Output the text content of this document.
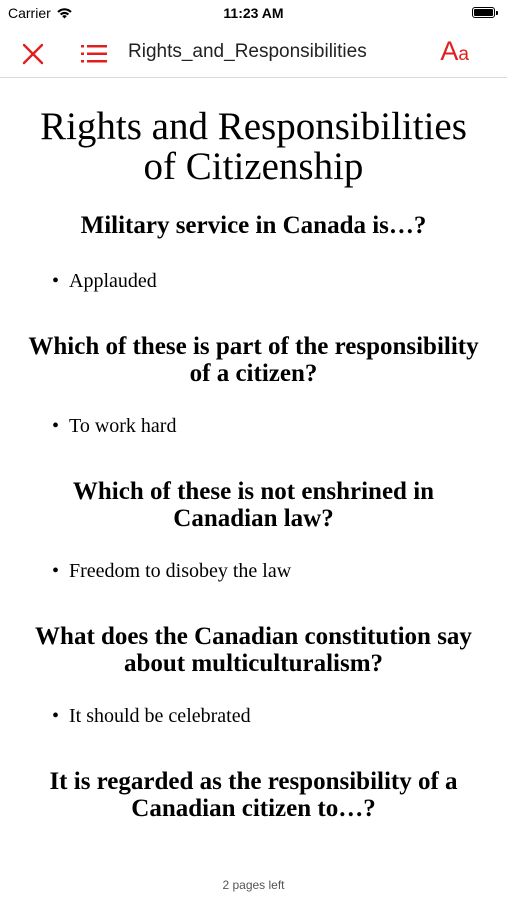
Carrier	11:23 AM
Rights_and_Responsibilities	Aa
Rights and Responsibilities of Citizenship
Military service in Canada is…?
• Applauded
Which of these is part of the responsibility of a citizen?
• To work hard
Which of these is not enshrined in Canadian law?
• Freedom to disobey the law
What does the Canadian constitution say about multiculturalism?
• It should be celebrated
It is regarded as the responsibility of a Canadian citizen to…?
2 pages left
